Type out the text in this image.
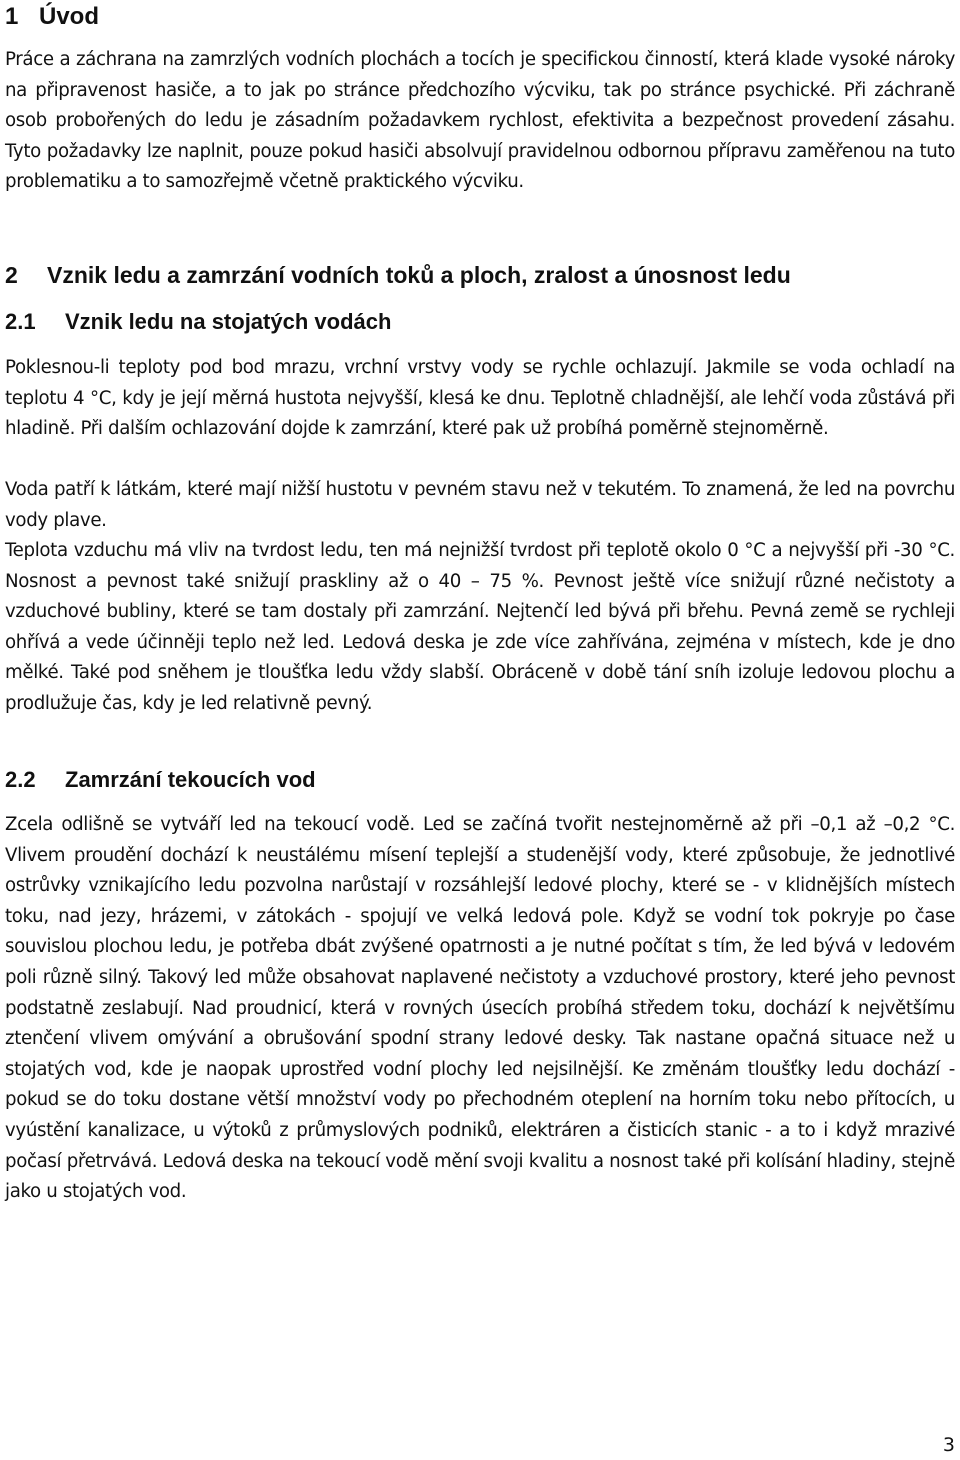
1 Úvod

Práce a záchrana na zamrzlých vodních plochách a tocích je specifickou činností, která klade vysoké nároky na připravenost hasiče, a to jak po stránce předchozího výcviku, tak po stránce psychické. Při záchraně osob probořených do ledu je zásadním požadavkem rychlost, efektivita a bezpečnost provedení zásahu. Tyto požadavky lze naplnit, pouze pokud hasiči absolvují pravidelnou odbornou přípravu zaměřenou na tuto problematiku a to samozřejmě včetně praktického výcviku.

2 Vznik ledu a zamrzání vodních toků a ploch, zralost a únosnost ledu
2.1 Vznik ledu na stojatých vodách

Poklesnou-li teploty pod bod mrazu, vrchní vrstvy vody se rychle ochlazují. Jakmile se voda ochladí na teplotu 4 °C, kdy je její měrná hustota nejvyšší, klesá ke dnu. Teplotně chladnější, ale lehčí voda zůstává při hladině. Při dalším ochlazování dojde k zamrzání, které pak už probíhá poměrně stejnoměrně.

Voda patří k látkám, které mají nižší hustotu v pevném stavu než v tekutém. To znamená, že led na povrchu vody plave.

Teplota vzduchu má vliv na tvrdost ledu, ten má nejnižší tvrdost při teplotě okolo 0 °C a nejvyšší při -30 °C. Nosnost a pevnost také snižují praskliny až o 40 – 75 %. Pevnost ještě více snižují různé nečistoty a vzduchové bubliny, které se tam dostaly při zamrzání. Nejtenčí led bývá při břehu. Pevná země se rychleji ohřívá a vede účinněji teplo než led. Ledová deska je zde více zahřívána, zejména v místech, kde je dno mělké. Také pod sněhem je tloušťka ledu vždy slabší. Obráceně v době tání sníh izoluje ledovou plochu a prodlužuje čas, kdy je led relativně pevný.

2.2 Zamrzání tekoucích vod

Zcela odlišně se vytváří led na tekoucí vodě. Led se začíná tvořit nestejnoměrně až při –0,1 až –0,2 °C. Vlivem proudění dochází k neustálému mísení teplejší a studenější vody, které způsobuje, že jednotlivé ostrůvky vznikajícího ledu pozvolna narůstají v rozsáhlejší ledové plochy, které se - v klidnějších místech toku, nad jezy, hrázemi, v zátokách - spojují ve velká ledová pole. Když se vodní tok pokryje po čase souvislou plochou ledu, je potřeba dbát zvýšené opatrnosti a je nutné počítat s tím, že led bývá v ledovém poli různě silný. Takový led může obsahovat naplavené nečistoty a vzduchové prostory, které jeho pevnost podstatně zeslabují. Nad proudnicí, která v rovných úsecích probíhá středem toku, dochází k největšímu ztenčení vlivem omývání a obrušování spodní strany ledové desky. Tak nastane opačná situace než u stojatých vod, kde je naopak uprostřed vodní plochy led nejsilnější. Ke změnám tloušťky ledu dochází - pokud se do toku dostane větší množství vody po přechodném oteplení na horním toku nebo přítocích, u vyústění kanalizace, u výtoků z průmyslových podniků, elektráren a čisticích stanic - a to i když mrazivé počasí přetrvává. Ledová deska na tekoucí vodě mění svoji kvalitu a nosnost také při kolísání hladiny, stejně jako u stojatých vod.

3
